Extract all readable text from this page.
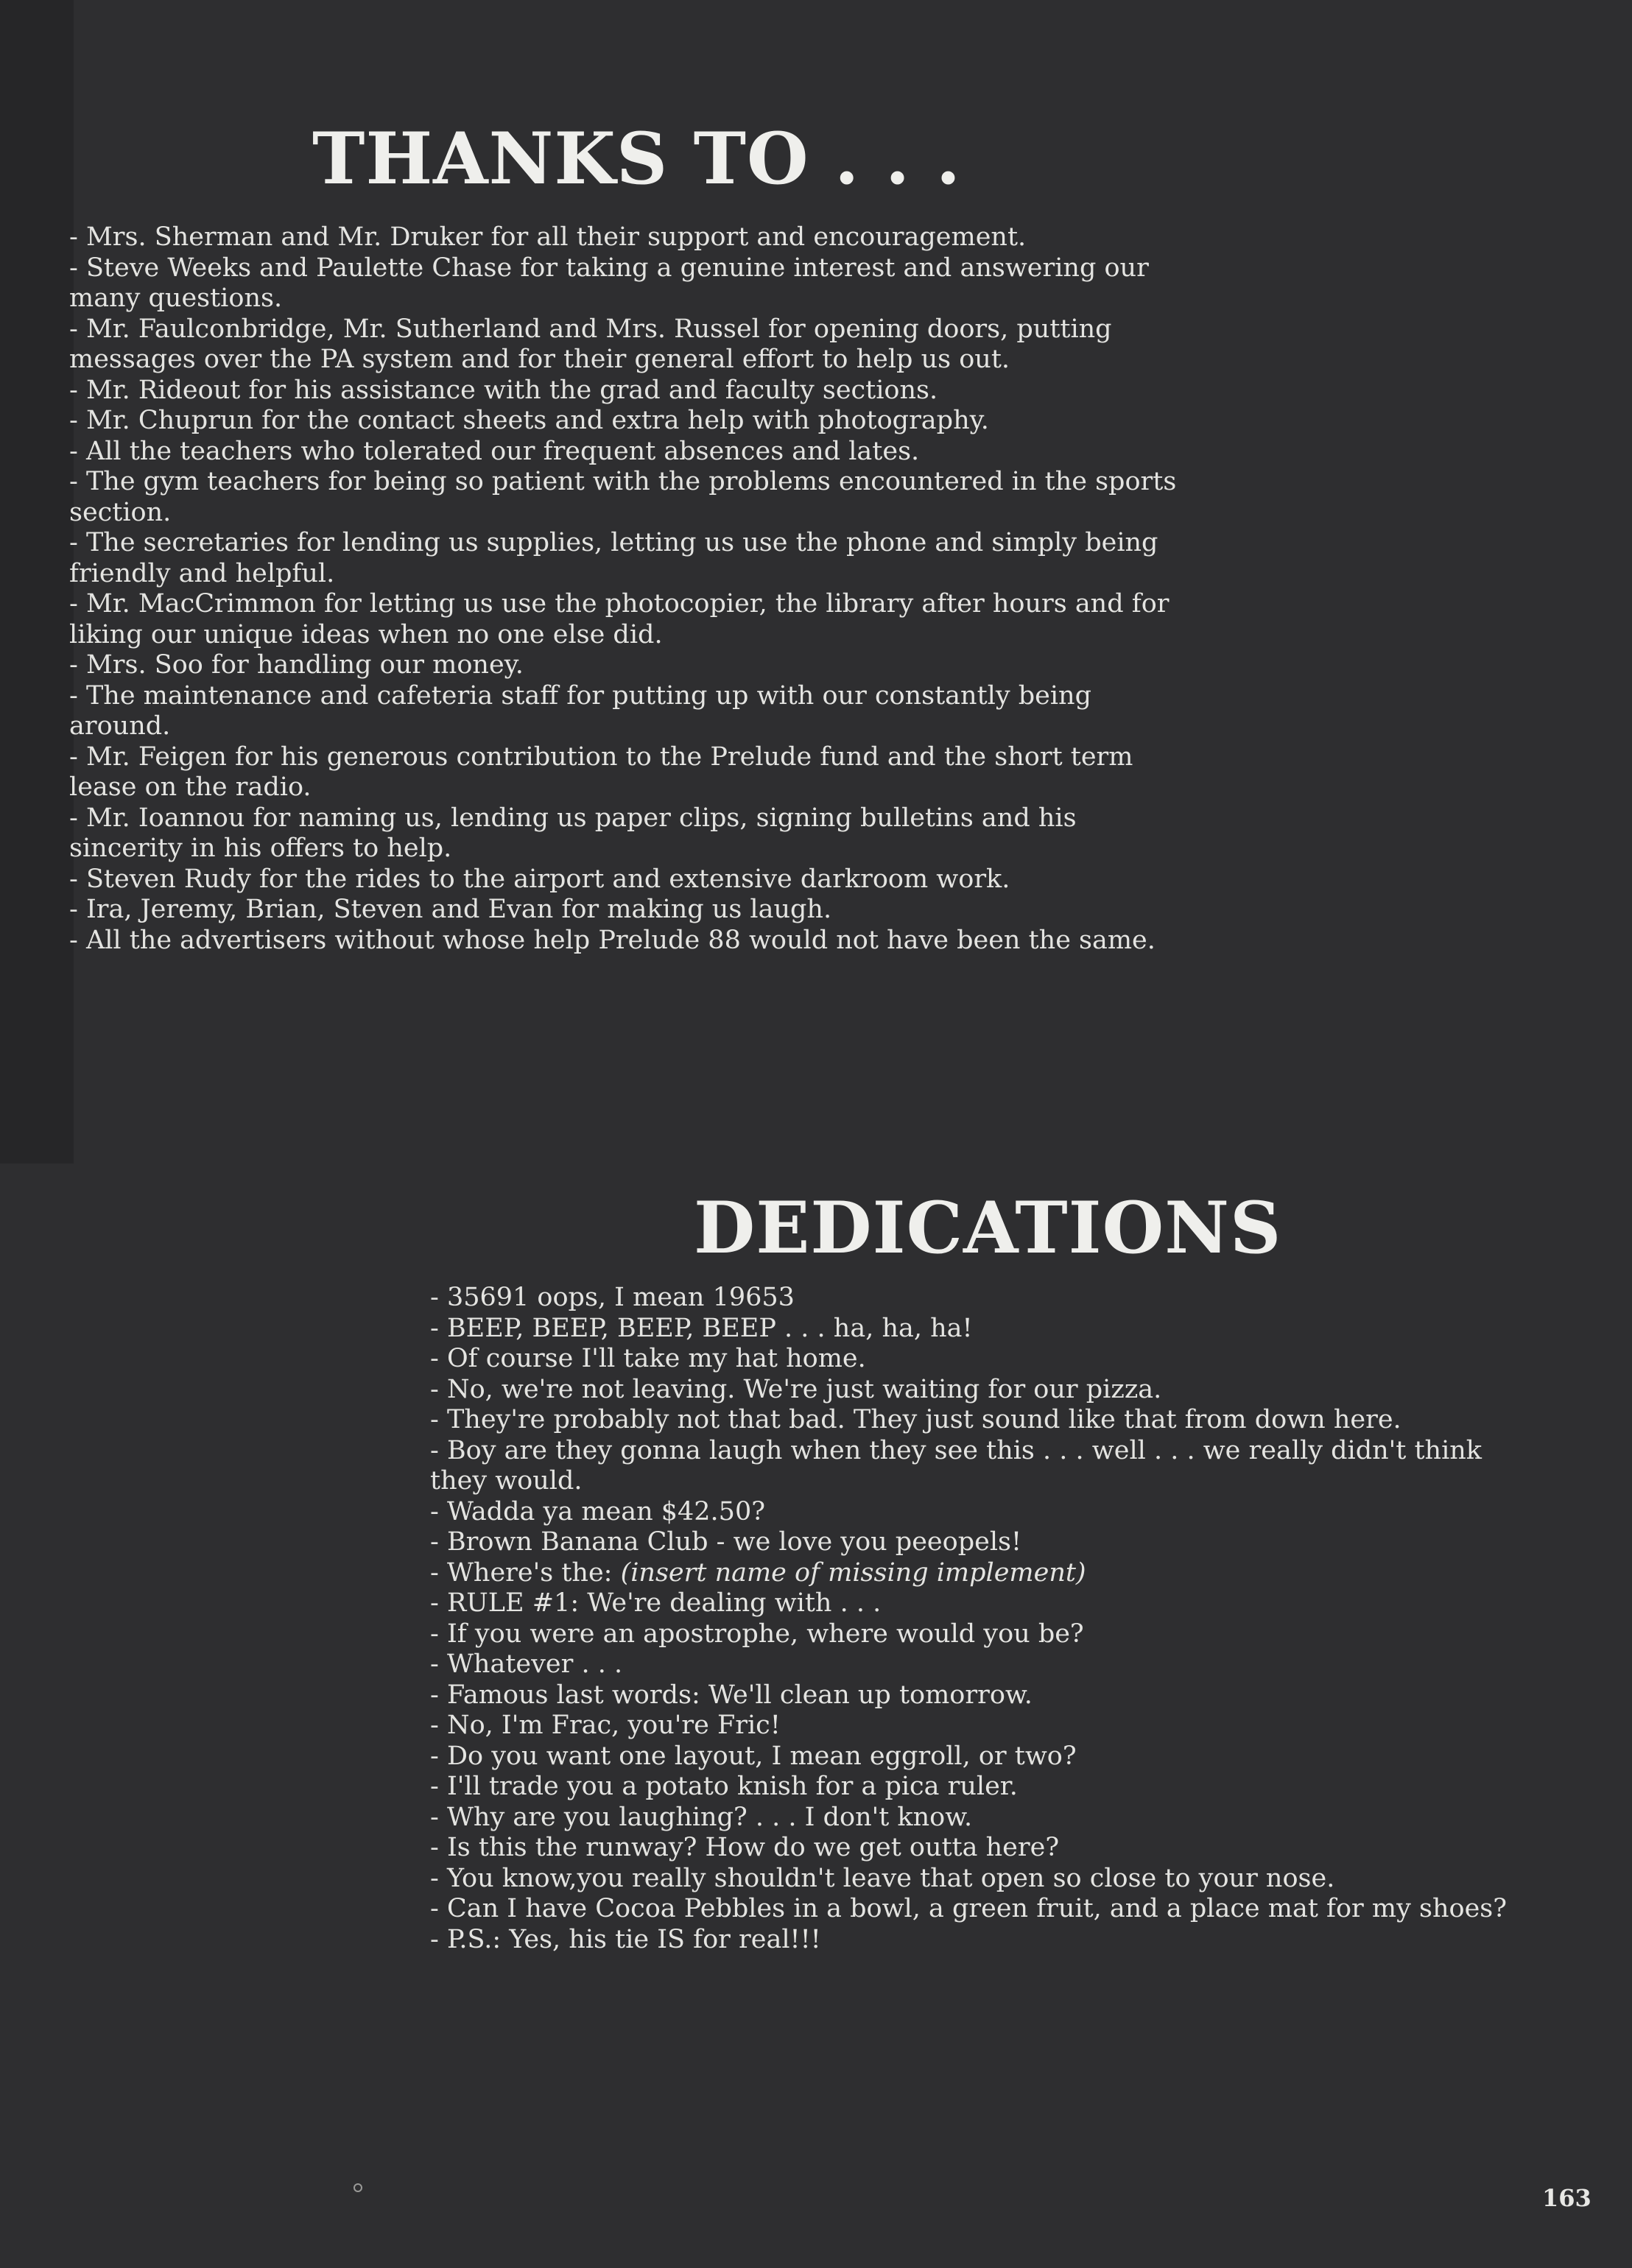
THANKS TO . . .
- Mrs. Sherman and Mr. Druker for all their support and encouragement.
- Steve Weeks and Paulette Chase for taking a genuine interest and answering our many questions.
- Mr. Faulconbridge, Mr. Sutherland and Mrs. Russel for opening doors, putting messages over the PA system and for their general effort to help us out.
- Mr. Rideout for his assistance with the grad and faculty sections.
- Mr. Chuprun for the contact sheets and extra help with photography.
- All the teachers who tolerated our frequent absences and lates.
- The gym teachers for being so patient with the problems encountered in the sports section.
- The secretaries for lending us supplies, letting us use the phone and simply being friendly and helpful.
- Mr. MacCrimmon for letting us use the photocopier, the library after hours and for liking our unique ideas when no one else did.
- Mrs. Soo for handling our money.
- The maintenance and cafeteria staff for putting up with our constantly being around.
- Mr. Feigen for his generous contribution to the Prelude fund and the short term lease on the radio.
- Mr. Ioannou for naming us, lending us paper clips, signing bulletins and his sincerity in his offers to help.
- Steven Rudy for the rides to the airport and extensive darkroom work.
- Ira, Jeremy, Brian, Steven and Evan for making us laugh.
- All the advertisers without whose help Prelude 88 would not have been the same.
DEDICATIONS
- 35691 oops, I mean 19653
- BEEP, BEEP, BEEP, BEEP . . . ha, ha, ha!
- Of course I'll take my hat home.
- No, we're not leaving. We're just waiting for our pizza.
- They're probably not that bad. They just sound like that from down here.
- Boy are they gonna laugh when they see this . . . well . . . we really didn't think they would.
- Wadda ya mean $42.50?
- Brown Banana Club - we love you peeopels!
- Where's the: (insert name of missing implement)
- RULE #1: We're dealing with . . .
- If you were an apostrophe, where would you be?
- Whatever . . .
- Famous last words: We'll clean up tomorrow.
- No, I'm Frac, you're Fric!
- Do you want one layout, I mean eggroll, or two?
- I'll trade you a potato knish for a pica ruler.
- Why are you laughing? . . . I don't know.
- Is this the runway? How do we get outta here?
- You know,you really shouldn't leave that open so close to your nose.
- Can I have Cocoa Pebbles in a bowl, a green fruit, and a place mat for my shoes?
- P.S.: Yes, his tie IS for real!!!
163
